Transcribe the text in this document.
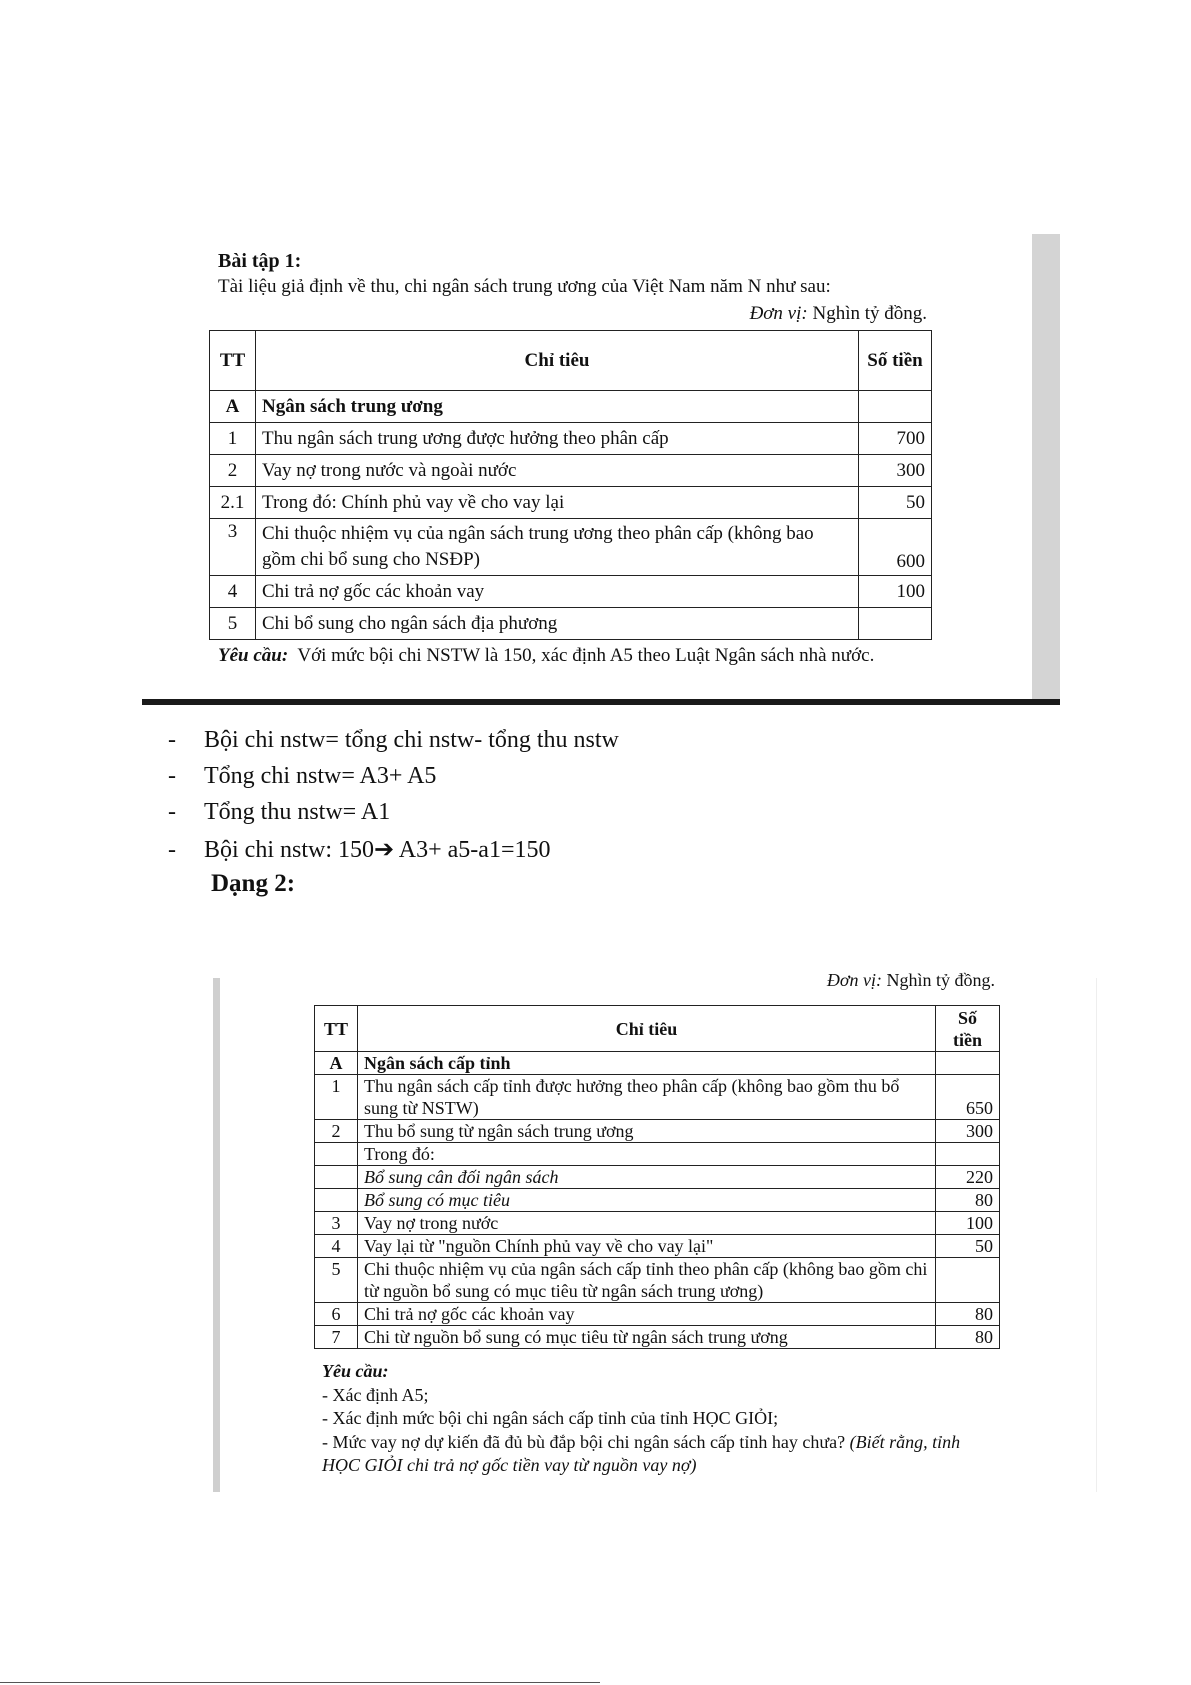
Bài tập 1:
Tài liệu giả định về thu, chi ngân sách trung ương của Việt Nam năm N như sau:
Đơn vị: Nghìn tỷ đồng.
TT	Chỉ tiêu	Số tiền
A	Ngân sách trung ương	
1	Thu ngân sách trung ương được hưởng theo phân cấp	700
2	Vay nợ trong nước và ngoài nước	300
2.1	Trong đó: Chính phủ vay về cho vay lại	50
3	Chi thuộc nhiệm vụ của ngân sách trung ương theo phân cấp (không bao gồm chi bổ sung cho NSĐP)	600
4	Chi trả nợ gốc các khoản vay	100
5	Chi bổ sung cho ngân sách địa phương	
Yêu cầu: Với mức bội chi NSTW là 150, xác định A5 theo Luật Ngân sách nhà nước.
- Bội chi nstw= tổng chi nstw- tổng thu nstw
- Tổng chi nstw= A3+ A5
- Tổng thu nstw= A1
- Bội chi nstw: 150➔ A3+ a5-a1=150
Dạng 2:
Đơn vị: Nghìn tỷ đồng.
TT	Chỉ tiêu	Số tiền
A	Ngân sách cấp tỉnh	
1	Thu ngân sách cấp tỉnh được hưởng theo phân cấp (không bao gồm thu bổ sung từ NSTW)	650
2	Thu bổ sung từ ngân sách trung ương	300
	Trong đó:	
	Bổ sung cân đối ngân sách	220
	Bổ sung có mục tiêu	80
3	Vay nợ trong nước	100
4	Vay lại từ "nguồn Chính phủ vay về cho vay lại"	50
5	Chi thuộc nhiệm vụ của ngân sách cấp tỉnh theo phân cấp (không bao gồm chi từ nguồn bổ sung có mục tiêu từ ngân sách trung ương)	
6	Chi trả nợ gốc các khoản vay	80
7	Chi từ nguồn bổ sung có mục tiêu từ ngân sách trung ương	80
Yêu cầu:
- Xác định A5;
- Xác định mức bội chi ngân sách cấp tỉnh của tỉnh HỌC GIỎI;
- Mức vay nợ dự kiến đã đủ bù đắp bội chi ngân sách cấp tỉnh hay chưa? (Biết rằng, tỉnh HỌC GIỎI chi trả nợ gốc tiền vay từ nguồn vay nợ)
